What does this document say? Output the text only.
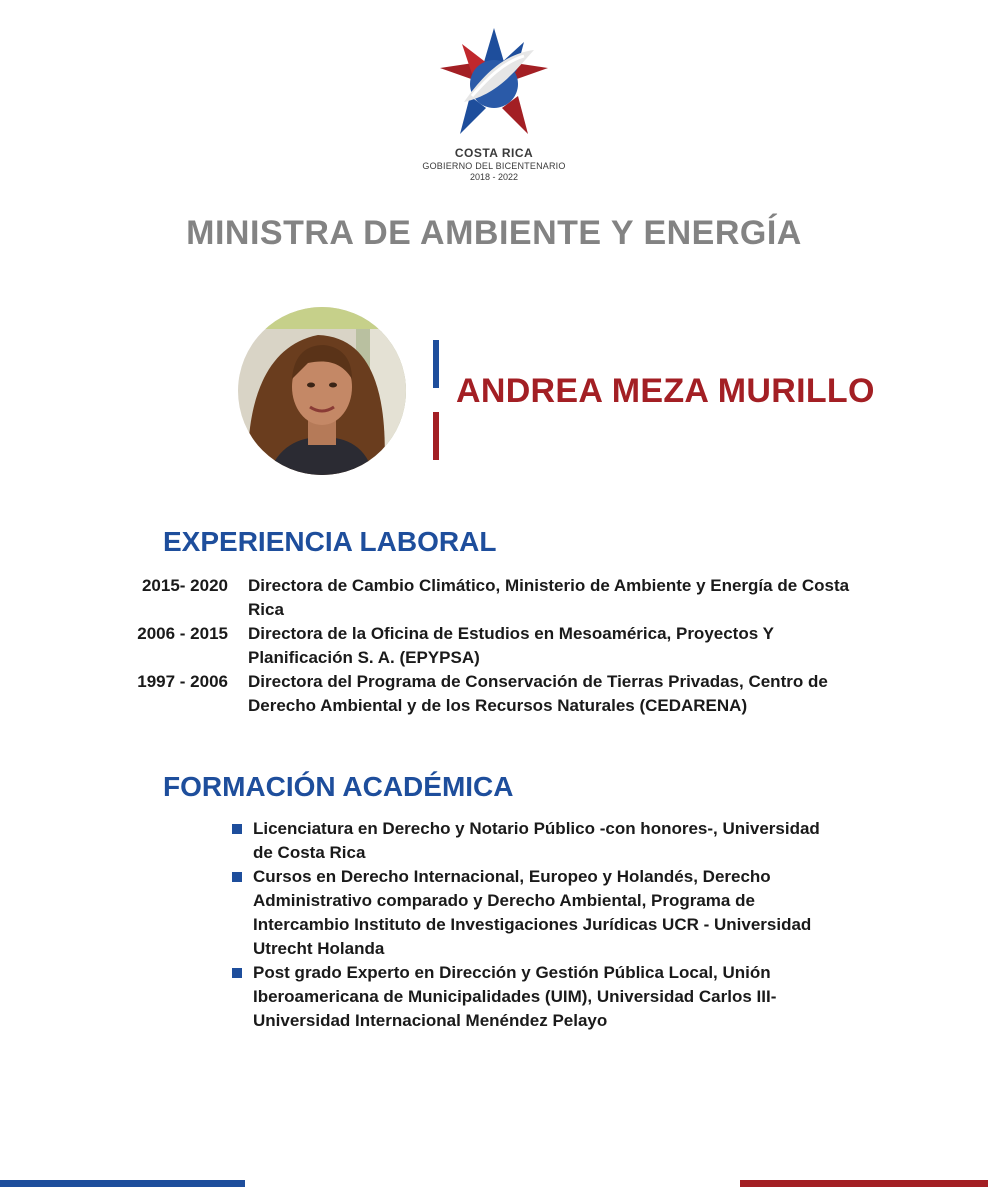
COSTA RICA
GOBIERNO DEL BICENTENARIO
2018 - 2022
MINISTRA DE AMBIENTE Y ENERGÍA
ANDREA MEZA MURILLO
EXPERIENCIA LABORAL
2015- 2020	Directora de Cambio Climático, Ministerio de Ambiente y Energía de Costa Rica
2006 - 2015	Directora de la Oficina de Estudios en Mesoamérica, Proyectos Y Planificación S. A. (EPYPSA)
1997 - 2006	Directora del Programa de Conservación de Tierras Privadas, Centro de Derecho Ambiental y de los Recursos Naturales (CEDARENA)
FORMACIÓN ACADÉMICA
Licenciatura en Derecho y Notario Público -con honores-, Universidad de Costa Rica
Cursos en Derecho Internacional, Europeo y Holandés, Derecho Administrativo comparado y Derecho Ambiental, Programa de Intercambio Instituto de Investigaciones Jurídicas UCR - Universidad Utrecht Holanda
Post grado Experto en Dirección y Gestión Pública Local, Unión Iberoamericana de Municipalidades (UIM), Universidad Carlos III-Universidad Internacional Menéndez Pelayo
